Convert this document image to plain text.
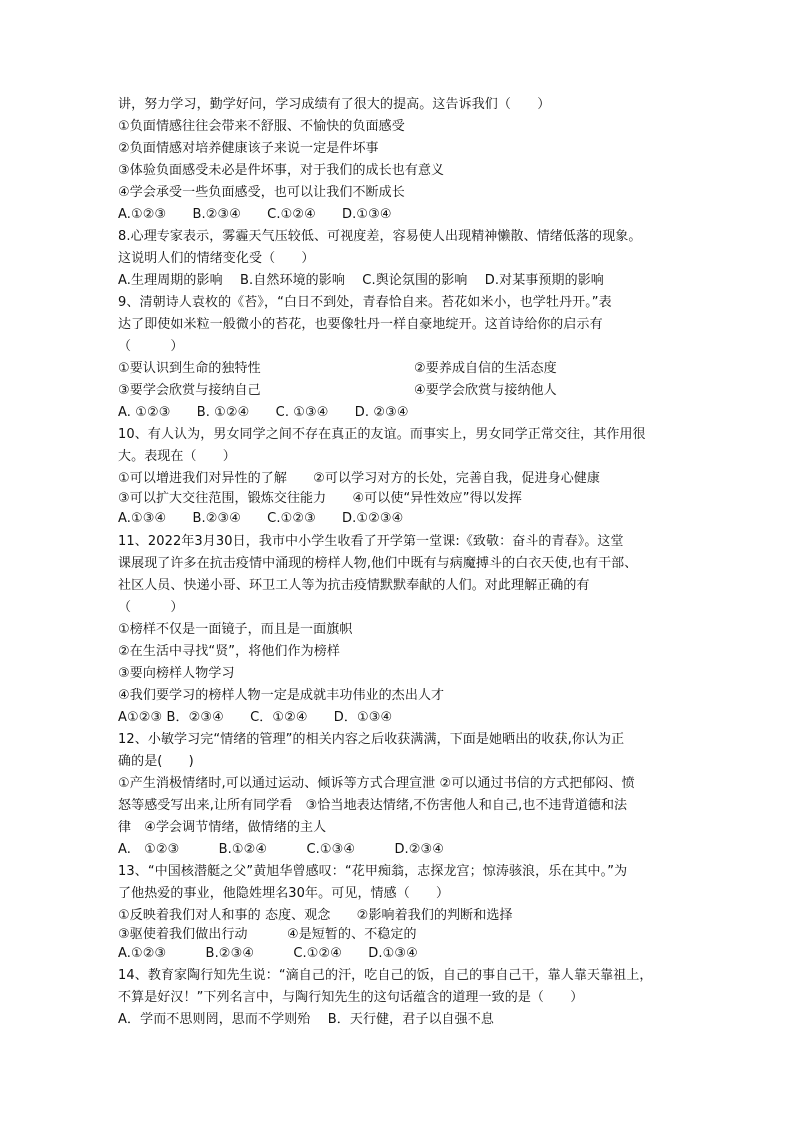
讲，努力学习，勤学好问，学习成绩有了很大的提高。这告诉我们（　　）
①负面情感往往会带来不舒服、不愉快的负面感受
②负面情感对培养健康该子来说一定是件坏事
③体验负面感受未必是件坏事，对于我们的成长也有意义
④学会承受一些负面感受，也可以让我们不断成长
A.①②③　　B.②③④　　C.①②④　　D.①③④
8.心理专家表示，雾霾天气压较低、可视度差，容易使人出现精神懒散、情绪低落的现象。
这说明人们的情绪变化受（　　）
A.生理周期的影响　 B.自然环境的影响　 C.舆论氛围的影响　 D.对某事预期的影响
9、清朝诗人袁枚的《苔》，“白日不到处，青春恰自来。苔花如米小，也学牡丹开。”表
达了即使如米粒一般微小的苔花，也要像牡丹一样自豪地绽开。这首诗给你的启示有
（　　　）
①要认识到生命的独特性	②要养成自信的生活态度
③要学会欣赏与接纳自己	④要学会欣赏与接纳他人
A. ①②③　　B. ①②④　　C. ①③④　　D. ②③④
10、有人认为，男女同学之间不存在真正的友谊。而事实上，男女同学正常交往，其作用很
大。表现在（　　）
①可以增进我们对异性的了解　　②可以学习对方的长处，完善自我，促进身心健康
③可以扩大交往范围，锻炼交往能力　　④可以使“异性效应”得以发挥
A.①③④　　B.②③④　　C.①②③　　D.①②③④
11、2022年3月30日，我市中小学生收看了开学第一堂课:《致敬：奋斗的青春》。这堂
课展现了许多在抗击疫情中涌现的榜样人物,他们中既有与病魔搏斗的白衣天使,也有干部、
社区人员、快递小哥、环卫工人等为抗击疫情默默奉献的人们。对此理解正确的有
（　　　）
①榜样不仅是一面镜子，而且是一面旗帜
②在生活中寻找“贤”，将他们作为榜样
③要向榜样人物学习
④我们要学习的榜样人物一定是成就丰功伟业的杰出人才
A①②③ B．②③④　　C．①②④　　D．①③④
12、小敏学习完“情绪的管理”的相关内容之后收获满满，下面是她晒出的收获,你认为正
确的是(　　)
①产生消极情绪时,可以通过运动、倾诉等方式合理宣泄 ②可以通过书信的方式把郁闷、愤
怒等感受写出来,让所有同学看　③恰当地表达情绪,不伤害他人和自己,也不违背道德和法
律　④学会调节情绪，做情绪的主人
A.　①②③　　　B.①②④　　　C.①③④　　　D.②③④
13、“中国核潜艇之父”黄旭华曾感叹：“花甲痴翁，志探龙宫；惊涛骇浪，乐在其中。”为
了他热爱的事业，他隐姓埋名30年。可见，情感（　　）
①反映着我们对人和事的 态度、观念　　②影响着我们的判断和选择
③驱使着我们做出行动　　　④是短暂的、不稳定的
A.①②③　　　B.②③④　　　C.①②④　　D.①③④
14、教育家陶行知先生说：“滴自己的汗，吃自己的饭，自己的事自己干，靠人靠天靠祖上，
不算是好汉！”下列名言中，与陶行知先生的这句话蕴含的道理一致的是（　　）
A．学而不思则罔，思而不学则殆　 B．天行健，君子以自强不息
